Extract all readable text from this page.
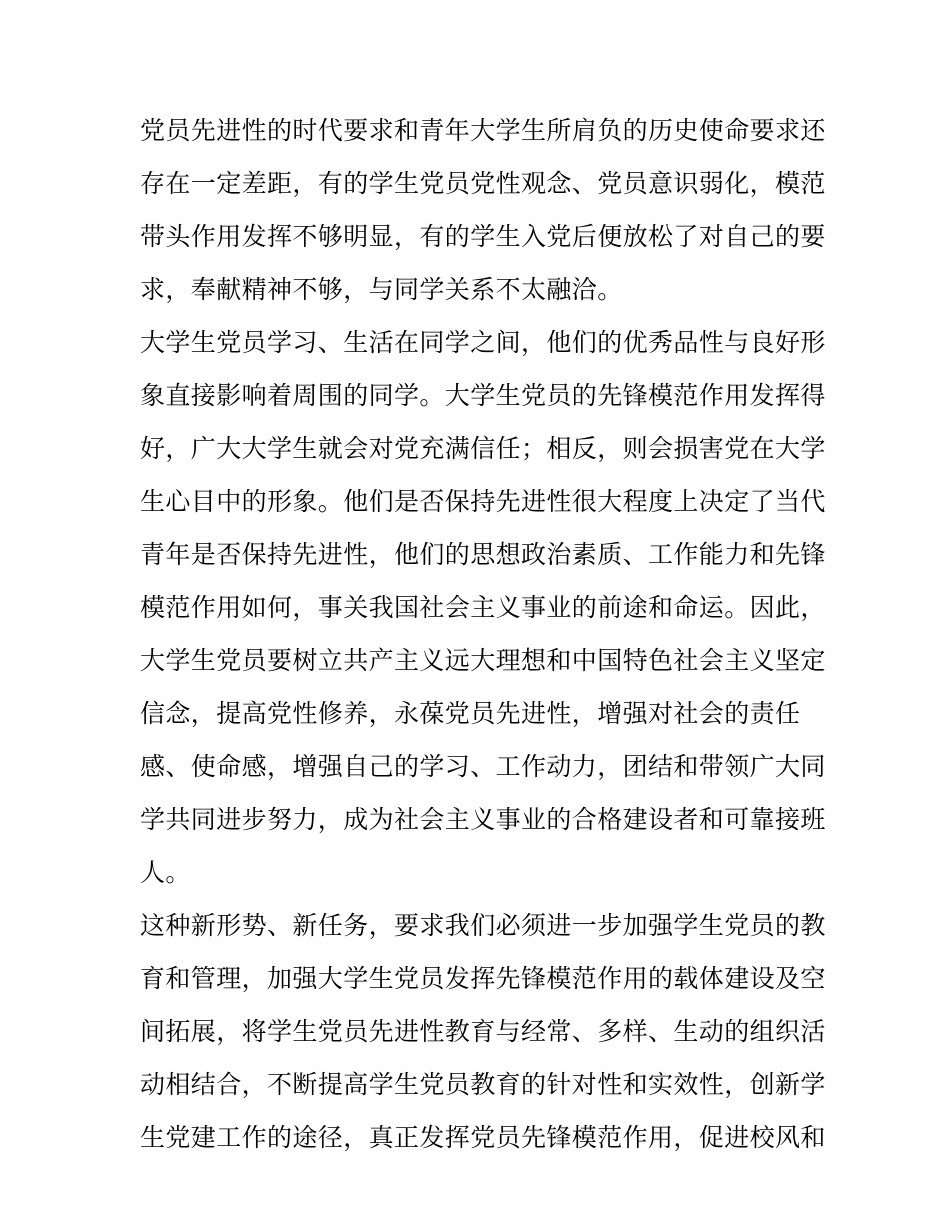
党员先进性的时代要求和青年大学生所肩负的历史使命要求还
存在一定差距，有的学生党员党性观念、党员意识弱化，模范
带头作用发挥不够明显，有的学生入党后便放松了对自己的要
求，奉献精神不够，与同学关系不太融洽。
大学生党员学习、生活在同学之间，他们的优秀品性与良好形
象直接影响着周围的同学。大学生党员的先锋模范作用发挥得
好，广大大学生就会对党充满信任；相反，则会损害党在大学
生心目中的形象。他们是否保持先进性很大程度上决定了当代
青年是否保持先进性，他们的思想政治素质、工作能力和先锋
模范作用如何，事关我国社会主义事业的前途和命运。因此，
大学生党员要树立共产主义远大理想和中国特色社会主义坚定
信念，提高党性修养，永葆党员先进性，增强对社会的责任
感、使命感，增强自己的学习、工作动力，团结和带领广大同
学共同进步努力，成为社会主义事业的合格建设者和可靠接班
人。
这种新形势、新任务，要求我们必须进一步加强学生党员的教
育和管理，加强大学生党员发挥先锋模范作用的载体建设及空
间拓展，将学生党员先进性教育与经常、多样、生动的组织活
动相结合，不断提高学生党员教育的针对性和实效性，创新学
生党建工作的途径，真正发挥党员先锋模范作用，促进校风和
